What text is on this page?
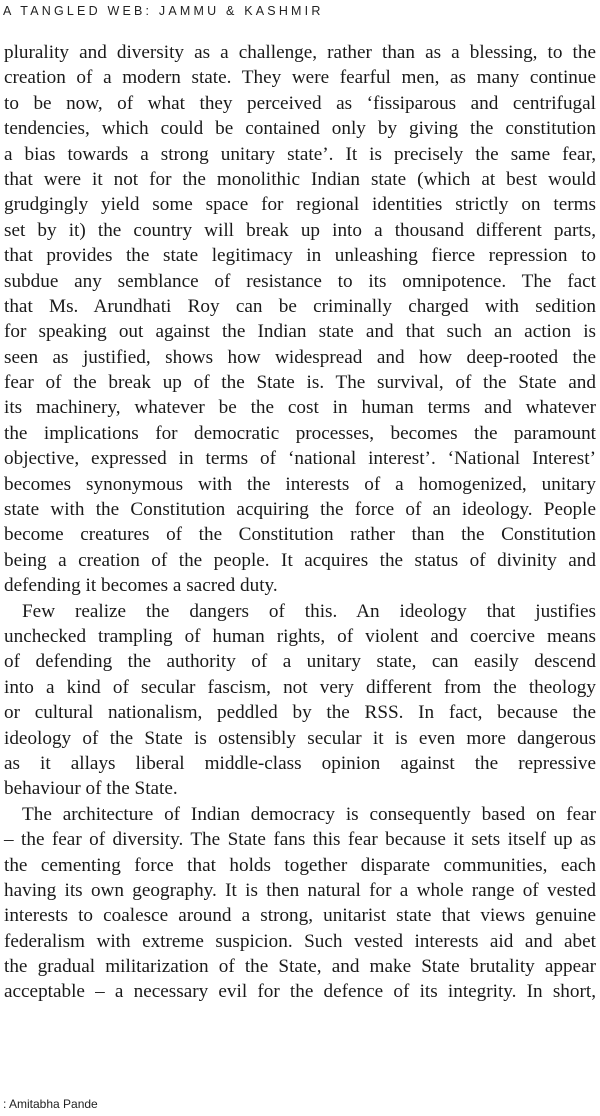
A TANGLED WEB: JAMMU & KASHMIR
plurality and diversity as a challenge, rather than as a blessing, to the
creation of a modern state. They were fearful men, as many continue
to be now, of what they perceived as ‘fissiparous and centrifugal
tendencies, which could be contained only by giving the constitution
a bias towards a strong unitary state’. It is precisely the same fear,
that were it not for the monolithic Indian state (which at best would
grudgingly yield some space for regional identities strictly on terms
set by it) the country will break up into a thousand different parts,
that provides the state legitimacy in unleashing fierce repression to
subdue any semblance of resistance to its omnipotence. The fact
that Ms. Arundhati Roy can be criminally charged with sedition
for speaking out against the Indian state and that such an action is
seen as justified, shows how widespread and how deep-rooted the
fear of the break up of the State is. The survival, of the State and
its machinery, whatever be the cost in human terms and whatever
the implications for democratic processes, becomes the paramount
objective, expressed in terms of ‘national interest’. ‘National Interest’
becomes synonymous with the interests of a homogenized, unitary
state with the Constitution acquiring the force of an ideology. People
become creatures of the Constitution rather than the Constitution
being a creation of the people. It acquires the status of divinity and
defending it becomes a sacred duty.
Few realize the dangers of this. An ideology that justifies
unchecked trampling of human rights, of violent and coercive means
of defending the authority of a unitary state, can easily descend
into a kind of secular fascism, not very different from the theology
or cultural nationalism, peddled by the RSS. In fact, because the
ideology of the State is ostensibly secular it is even more dangerous
as it allays liberal middle-class opinion against the repressive
behaviour of the State.
The architecture of Indian democracy is consequently based on fear
– the fear of diversity. The State fans this fear because it sets itself up as
the cementing force that holds together disparate communities, each
having its own geography. It is then natural for a whole range of vested
interests to coalesce around a strong, unitarist state that views genuine
federalism with extreme suspicion. Such vested interests aid and abet
the gradual militarization of the State, and make State brutality appear
acceptable – a necessary evil for the defence of its integrity. In short,
: Amitabha Pande
